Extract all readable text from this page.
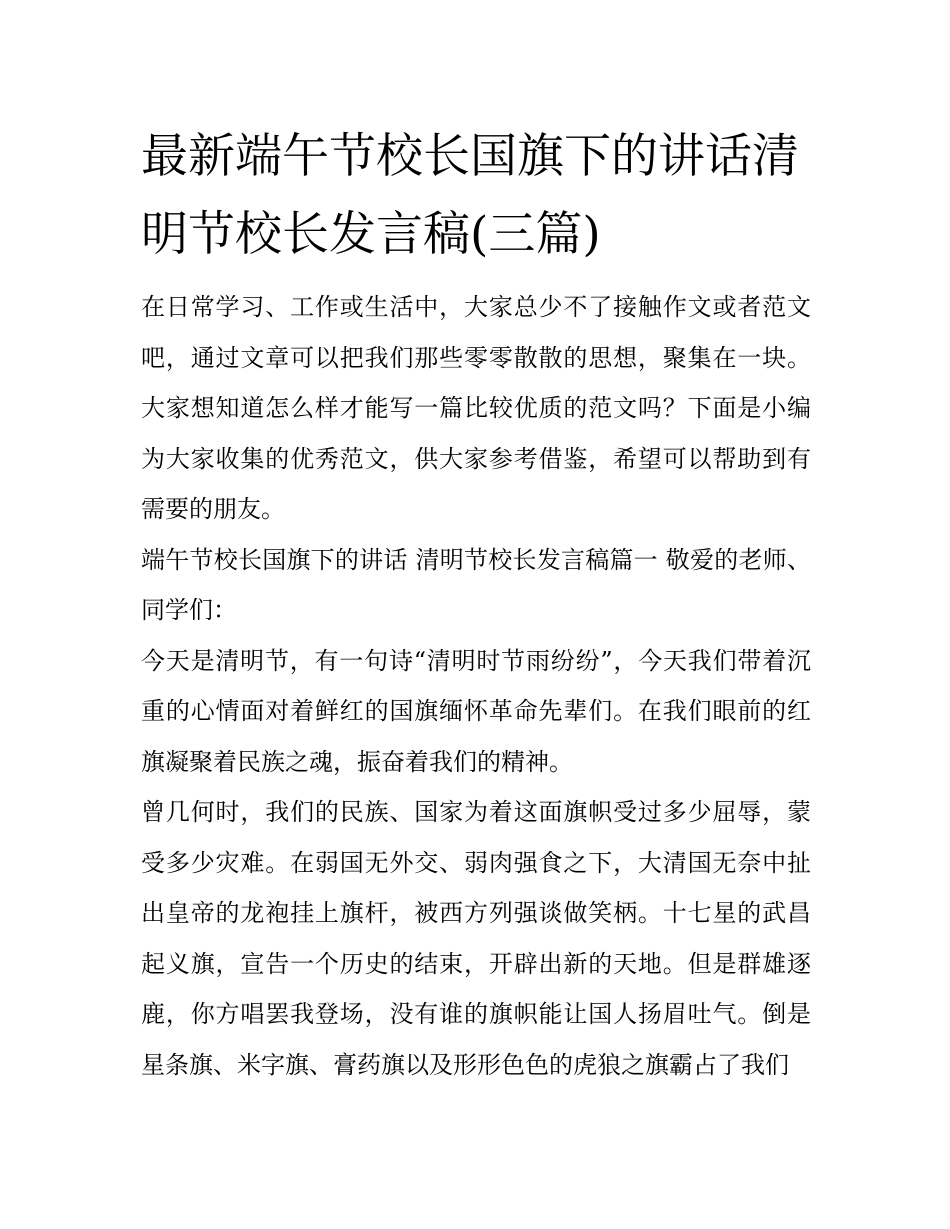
最新端午节校长国旗下的讲话清明节校长发言稿(三篇)

在日常学习、工作或生活中，大家总少不了接触作文或者范文吧，通过文章可以把我们那些零零散散的思想，聚集在一块。大家想知道怎么样才能写一篇比较优质的范文吗？下面是小编为大家收集的优秀范文，供大家参考借鉴，希望可以帮助到有需要的朋友。

端午节校长国旗下的讲话 清明节校长发言稿篇一 敬爱的老师、同学们：

今天是清明节，有一句诗“清明时节雨纷纷”，今天我们带着沉重的心情面对着鲜红的国旗缅怀革命先辈们。在我们眼前的红旗凝聚着民族之魂，振奋着我们的精神。

曾几何时，我们的民族、国家为着这面旗帜受过多少屈辱，蒙受多少灾难。在弱国无外交、弱肉强食之下，大清国无奈中扯出皇帝的龙袍挂上旗杆，被西方列强谈做笑柄。十七星的武昌起义旗，宣告一个历史的结束，开辟出新的天地。但是群雄逐鹿，你方唱罢我登场，没有谁的旗帜能让国人扬眉吐气。倒是星条旗、米字旗、膏药旗以及形形色色的虎狼之旗霸占了我们
